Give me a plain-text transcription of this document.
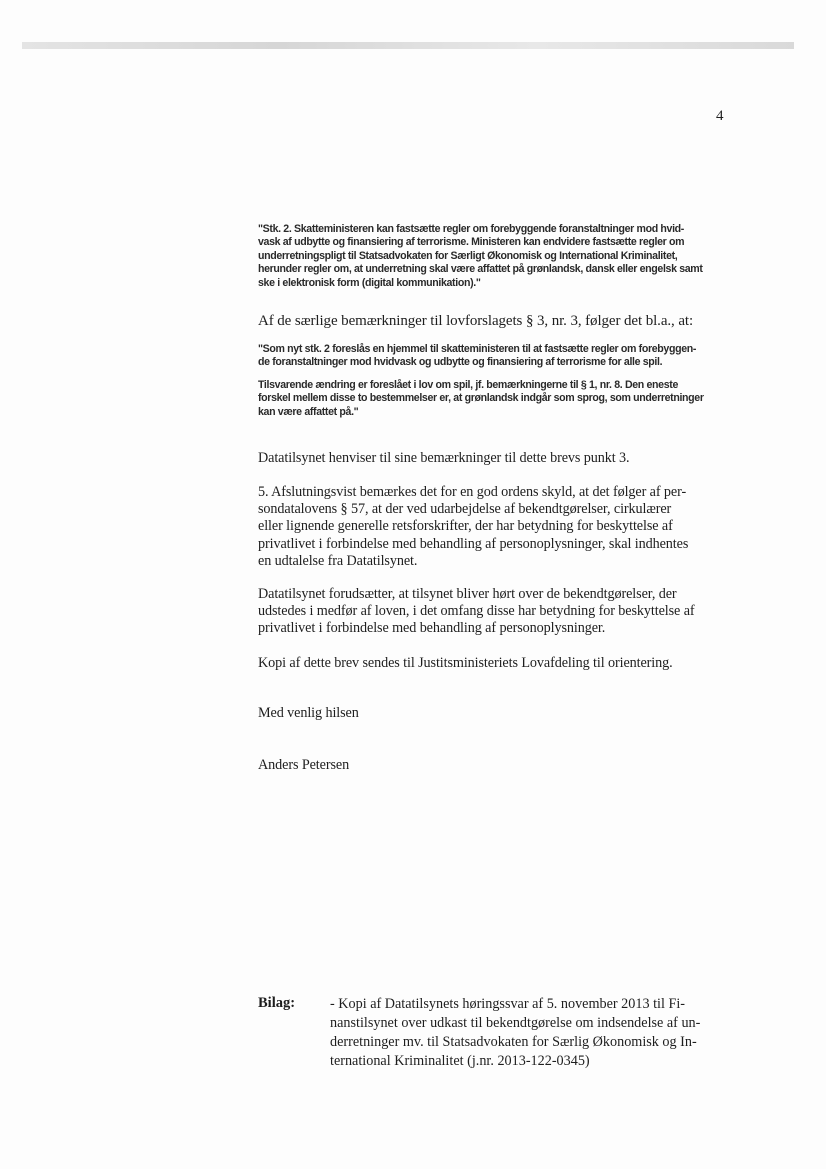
4
"Stk. 2. Skatteministeren kan fastsætte regler om forebyggende foranstaltninger mod hvid-
vask af udbytte og finansiering af terrorisme. Ministeren kan endvidere fastsætte regler om
underretningspligt til Statsadvokaten for Særligt Økonomisk og International Kriminalitet,
herunder regler om, at underretning skal være affattet på grønlandsk, dansk eller engelsk samt
ske i elektronisk form (digital kommunikation)."
Af de særlige bemærkninger til lovforslagets § 3, nr. 3, følger det bl.a., at:
"Som nyt stk. 2 foreslås en hjemmel til skatteministeren til at fastsætte regler om forebyggen-
de foranstaltninger mod hvidvask og udbytte og finansiering af terrorisme for alle spil.
Tilsvarende ændring er foreslået i lov om spil, jf. bemærkningerne til § 1, nr. 8. Den eneste
forskel mellem disse to bestemmelser er, at grønlandsk indgår som sprog, som underretninger
kan være affattet på."
Datatilsynet henviser til sine bemærkninger til dette brevs punkt 3.
5. Afslutningsvist bemærkes det for en god ordens skyld, at det følger af per-
sondatalovens § 57, at der ved udarbejdelse af bekendtgørelser, cirkulærer
eller lignende generelle retsforskrifter, der har betydning for beskyttelse af
privatlivet i forbindelse med behandling af personoplysninger, skal indhentes
en udtalelse fra Datatilsynet.
Datatilsynet forudsætter, at tilsynet bliver hørt over de bekendtgørelser, der
udstedes i medfør af loven, i det omfang disse har betydning for beskyttelse af
privatlivet i forbindelse med behandling af personoplysninger.
Kopi af dette brev sendes til Justitsministeriets Lovafdeling til orientering.
Med venlig hilsen
Anders Petersen
Bilag: - Kopi af Datatilsynets høringssvar af 5. november 2013 til Fi-
nanstilsynet over udkast til bekendtgørelse om indsendelse af un-
derretninger mv. til Statsadvokaten for Særlig Økonomisk og In-
ternational Kriminalitet (j.nr. 2013-122-0345)
